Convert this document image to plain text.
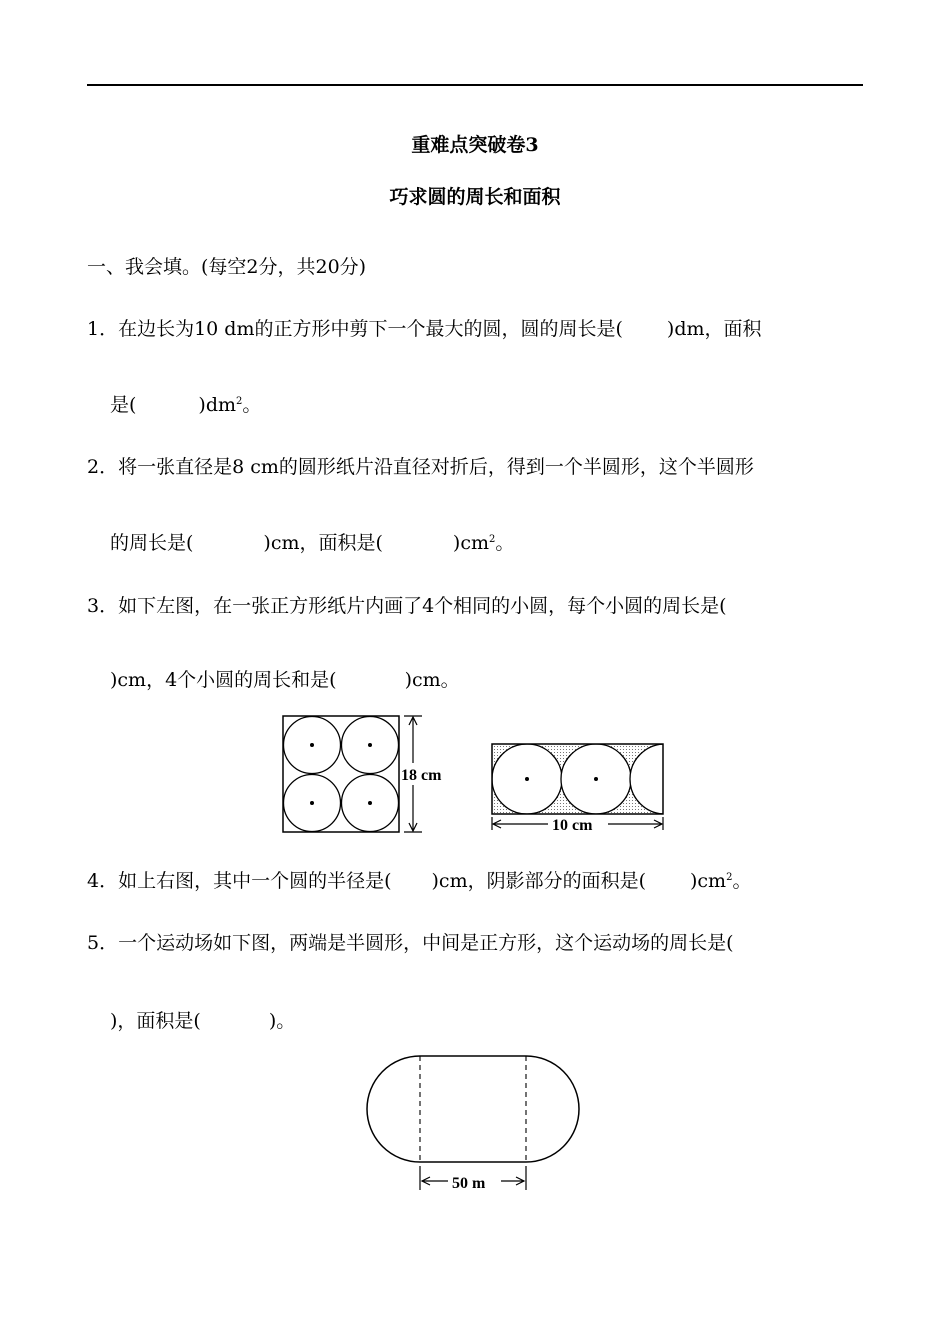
重难点突破卷3
巧求圆的周长和面积
一、我会填。(每空2分，共20分)
1．在边长为10 dm的正方形中剪下一个最大的圆，圆的周长是( )dm，面积
是(	)$dm^2$。
2．将一张直径是8 cm的圆形纸片沿直径对折后，得到一个半圆形，这个半圆形
的周长是(	)cm，面积是(	)$cm^2$。
3．如下左图，在一张正方形纸片内画了4个相同的小圆，每个小圆的周长是(
)cm，4个小圆的周长和是(	)cm。
18 cm
10 cm
4．如上右图，其中一个圆的半径是( )cm，阴影部分的面积是( )$cm^2$。
5．一个运动场如下图，两端是半圆形，中间是正方形，这个运动场的周长是(
)，面积是(	)。
50 m
